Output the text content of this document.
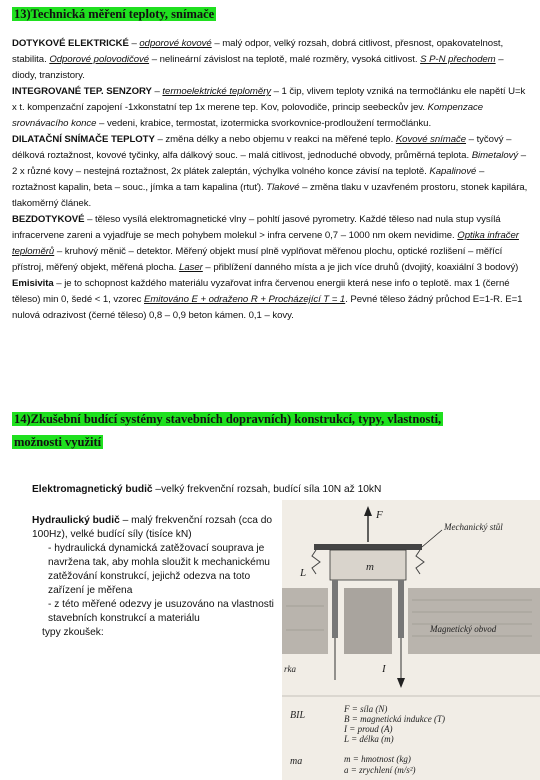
13)Technická měření teploty, snímače

DOTYKOVÉ ELEKTRICKÉ – odporové kovové – malý odpor, velký rozsah, dobrá citlivost, přesnost, opakovatelnost, stabilita. Odporové polovodičové – nelineární závislost na teplotě, malé rozměry, vysoká citlivost. S P-N přechodem – diody, tranzistory.

INTEGROVANÉ TEP. SENZORY – termoelektrické teploměry – 1 čip, vlivem teploty vzniká na termočlánku ele napětí U=k x t. kompenzační zapojení -1xkonstatní tep 1x merene tep. Kov, polovodiče, princip seebeckův jev. Kompenzace srovnávacího konce – vedeni, krabice, termostat, izotermicka svorkovnice-prodloužení termočlánku.

DILATAČNÍ SNÍMAČE TEPLOTY – změna délky a nebo objemu v reakci na měřené teplo. Kovové snímače – tyčový – délková roztažnost, kovové tyčinky, alfa dálkový souc. – malá citlivost, jednoduché obvody, průměrná teplota. Bimetalový – 2 x různé kovy – nestejná roztažnost, 2x plátek zaleptán, výchylka volného konce závisí na teplotě. Kapalinové – roztažnost kapalin, beta – souc., jímka a tam kapalina (rtuť). Tlakové – změna tlaku v uzavřeném prostoru, stonek kapilára, tlakoměrný článek.

BEZDOTYKOVÉ – těleso vysílá elektromagnetické vlny – pohltí jasové pyrometry. Každé těleso nad nula stup vysílá infracervene zareni a vyjadřuje se mech pohybem molekul > infra cervene 0,7 – 1000 nm okem nevidime. Optika infračer teploměrů – kruhový měnič – detektor. Měřený objekt musí plně vyplňovat měřenou plochu, optické rozlišení – měřící přístroj, měřený objekt, měřená plocha. Laser – přiblížení danného místa a je jich více druhů (dvojitý, koaxiální 3 bodový) Emisivita – je to schopnost každého materiálu vyzařovat infra červenou energii která nese info o teplotě. max 1 (černé těleso) min 0, šedé < 1, vzorec Emitováno E + odraženo R + Procházející T = 1. Pevné těleso žádný průchod E=1-R. E=1 nulová odrazivost (černé těleso) 0,8 – 0,9 beton kámen. 0,1 – kovy.

14)Zkušební budící systémy stavebních dopravních) konstrukcí, typy, vlastnosti,
možnosti využití
Elektromagnetický budič –velký frekvenční rozsah, budící síla 10N až 10kN
Hydraulický budič – malý frekvenční rozsah (cca do 100Hz), velké budící síly (tisíce kN)
- hydraulická dynamická zatěžovací souprava je navržena tak, aby mohla sloužit k mechanickému zatěžování konstrukcí, jejichž odezva na toto zařízení je měřena
- z této měřené odezvy je usuzováno na vlastnosti stavebních konstrukcí a materiálu
typy zkoušek:
F
Mechanický stůl
m
L
Magnetický obvod
I
rka
BIL
F = síla (N)
B = magnetická indukce (T)
I = proud (A)
L = délka (m)
ma	m = hmotnost (kg)
a = zrychlení (m/s²)
